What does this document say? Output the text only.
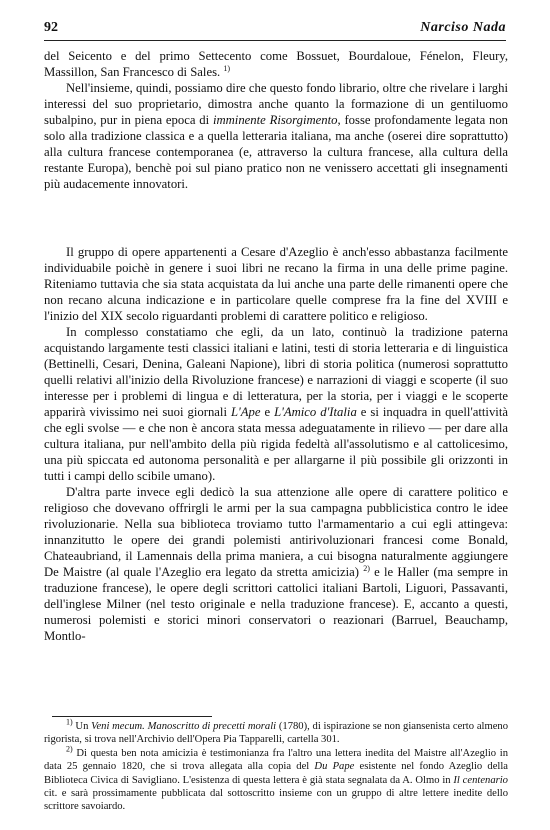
92	Narciso Nada

del Seicento e del primo Settecento come Bossuet, Bourdaloue, Fénelon, Fleury, Massillon, San Francesco di Sales. $^{1)}$

Nell'insieme, quindi, possiamo dire che questo fondo librario, oltre che rivelare i larghi interessi del suo proprietario, dimostra anche quanto la formazione di un gentiluomo subalpino, pur in piena epoca di imminente Risorgimento, fosse profondamente legata non solo alla tradizione classica e a quella letteraria italiana, ma anche (oserei dire soprattutto) alla cultura francese contemporanea (e, attraverso la cultura francese, alla cultura della restante Europa), benchè poi sul piano pratico non ne venissero accettati gli insegnamenti più audacemente innovatori.

Il gruppo di opere appartenenti a Cesare d'Azeglio è anch'esso abbastanza facilmente individuabile poichè in genere i suoi libri ne recano la firma in una delle prime pagine. Riteniamo tuttavia che sia stata acquistata da lui anche una parte delle rimanenti opere che non recano alcuna indicazione e in particolare quelle comprese fra la fine del XVIII e l'inizio del XIX secolo riguardanti problemi di carattere politico e religioso.

In complesso constatiamo che egli, da un lato, continuò la tradizione paterna acquistando largamente testi classici italiani e latini, testi di storia letteraria e di linguistica (Bettinelli, Cesari, Denina, Galeani Napione), libri di storia politica (numerosi soprattutto quelli relativi all'inizio della Rivoluzione francese) e narrazioni di viaggi e scoperte (il suo interesse per i problemi di lingua e di letteratura, per la storia, per i viaggi e le scoperte apparirà vivissimo nei suoi giornali L'Ape e L'Amico d'Italia e si inquadra in quell'attività che egli svolse — e che non è ancora stata messa adeguatamente in rilievo — per dare alla cultura italiana, pur nell'ambito della più rigida fedeltà all'assolutismo e al cattolicesimo, una più spiccata ed autonoma personalità e per allargarne il più possibile gli orizzonti in tutti i campi dello scibile umano).

D'altra parte invece egli dedicò la sua attenzione alle opere di carattere politico e religioso che dovevano offrirgli le armi per la sua campagna pubblicistica contro le idee rivoluzionarie. Nella sua biblioteca troviamo tutto l'armamentario a cui egli attingeva: innanzitutto le opere dei grandi polemisti antirivoluzionari francesi come Bonald, Chateaubriand, il Lamennais della prima maniera, a cui bisogna naturalmente aggiungere De Maistre (al quale l'Azeglio era legato da stretta amicizia) $^{2)}$ e le Haller (ma sempre in traduzione francese), le opere degli scrittori cattolici italiani Bartoli, Liguori, Passavanti, dell'inglese Milner (nel testo originale e nella traduzione francese). E, accanto a questi, numerosi polemisti e storici minori conservatori o reazionari (Barruel, Beauchamp, Montlo-

$^{1)}$ Un Veni mecum. Manoscritto di precetti morali (1780), di ispirazione se non giansenista certo almeno rigorista, si trova nell'Archivio dell'Opera Pia Tapparelli, cartella 301.

$^{2)}$ Di questa ben nota amicizia è testimonianza fra l'altro una lettera inedita del Maistre all'Azeglio in data 25 gennaio 1820, che si trova allegata alla copia del Du Pape esistente nel fondo Azeglio della Biblioteca Civica di Savigliano. L'esistenza di questa lettera è già stata segnalata da A. Olmo in Il centenario cit. e sarà prossimamente pubblicata dal sottoscritto insieme con un gruppo di altre lettere inedite dello scrittore savoiardo.
